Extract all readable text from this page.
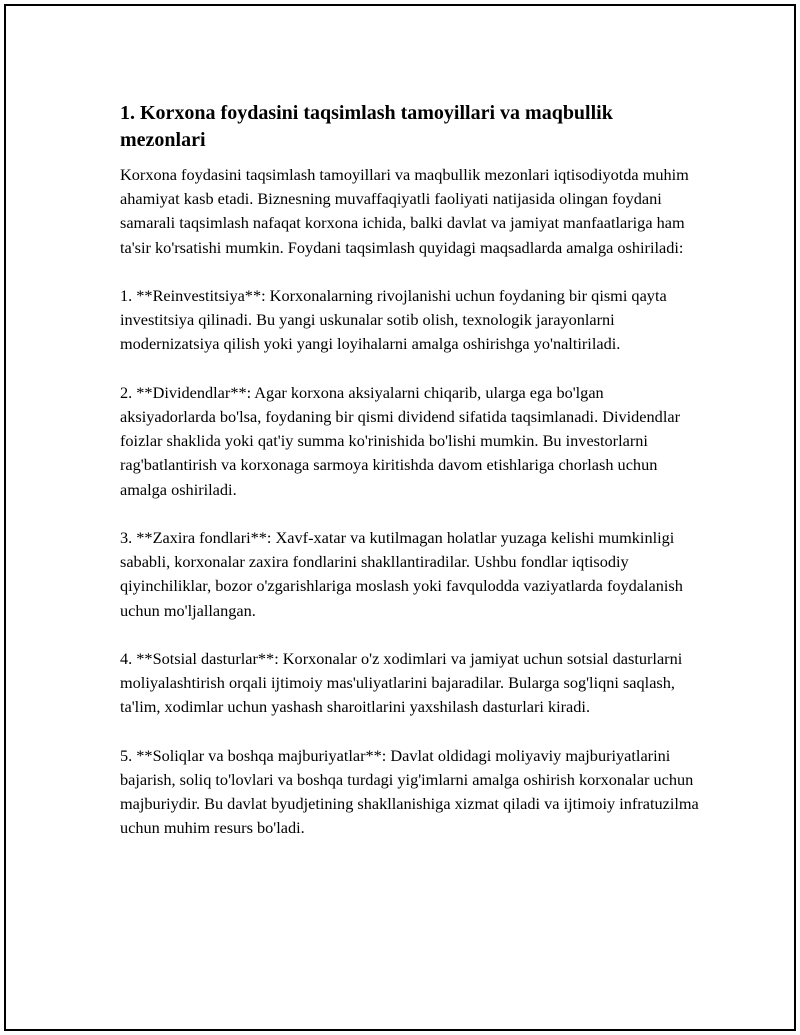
1. Korxona foydasini taqsimlash tamoyillari va maqbullik mezonlari

Korxona foydasini taqsimlash tamoyillari va maqbullik mezonlari iqtisodiyotda muhim ahamiyat kasb etadi. Biznesning muvaffaqiyatli faoliyati natijasida olingan foydani samarali taqsimlash nafaqat korxona ichida, balki davlat va jamiyat manfaatlariga ham ta'sir ko'rsatishi mumkin. Foydani taqsimlash quyidagi maqsadlarda amalga oshiriladi:

1. **Reinvestitsiya**: Korxonalarning rivojlanishi uchun foydaning bir qismi qayta investitsiya qilinadi. Bu yangi uskunalar sotib olish, texnologik jarayonlarni modernizatsiya qilish yoki yangi loyihalarni amalga oshirishga yo'naltiriladi.

2. **Dividendlar**: Agar korxona aksiyalarni chiqarib, ularga ega bo'lgan aksiyadorlarda bo'lsa, foydaning bir qismi dividend sifatida taqsimlanadi. Dividendlar foizlar shaklida yoki qat'iy summa ko'rinishida bo'lishi mumkin. Bu investorlarni rag'batlantirish va korxonaga sarmoya kiritishda davom etishlariga chorlash uchun amalga oshiriladi.

3. **Zaxira fondlari**: Xavf-xatar va kutilmagan holatlar yuzaga kelishi mumkinligi sababli, korxonalar zaxira fondlarini shakllantiradilar. Ushbu fondlar iqtisodiy qiyinchiliklar, bozor o'zgarishlariga moslash yoki favqulodda vaziyatlarda foydalanish uchun mo'ljallangan.

4. **Sotsial dasturlar**: Korxonalar o'z xodimlari va jamiyat uchun sotsial dasturlarni moliyalashtirish orqali ijtimoiy mas'uliyatlarini bajaradilar. Bularga sog'liqni saqlash, ta'lim, xodimlar uchun yashash sharoitlarini yaxshilash dasturlari kiradi.

5. **Soliqlar va boshqa majburiyatlar**: Davlat oldidagi moliyaviy majburiyatlarini bajarish, soliq to'lovlari va boshqa turdagi yig'imlarni amalga oshirish korxonalar uchun majburiydir. Bu davlat byudjetining shakllanishiga xizmat qiladi va ijtimoiy infratuzilma uchun muhim resurs bo'ladi.
